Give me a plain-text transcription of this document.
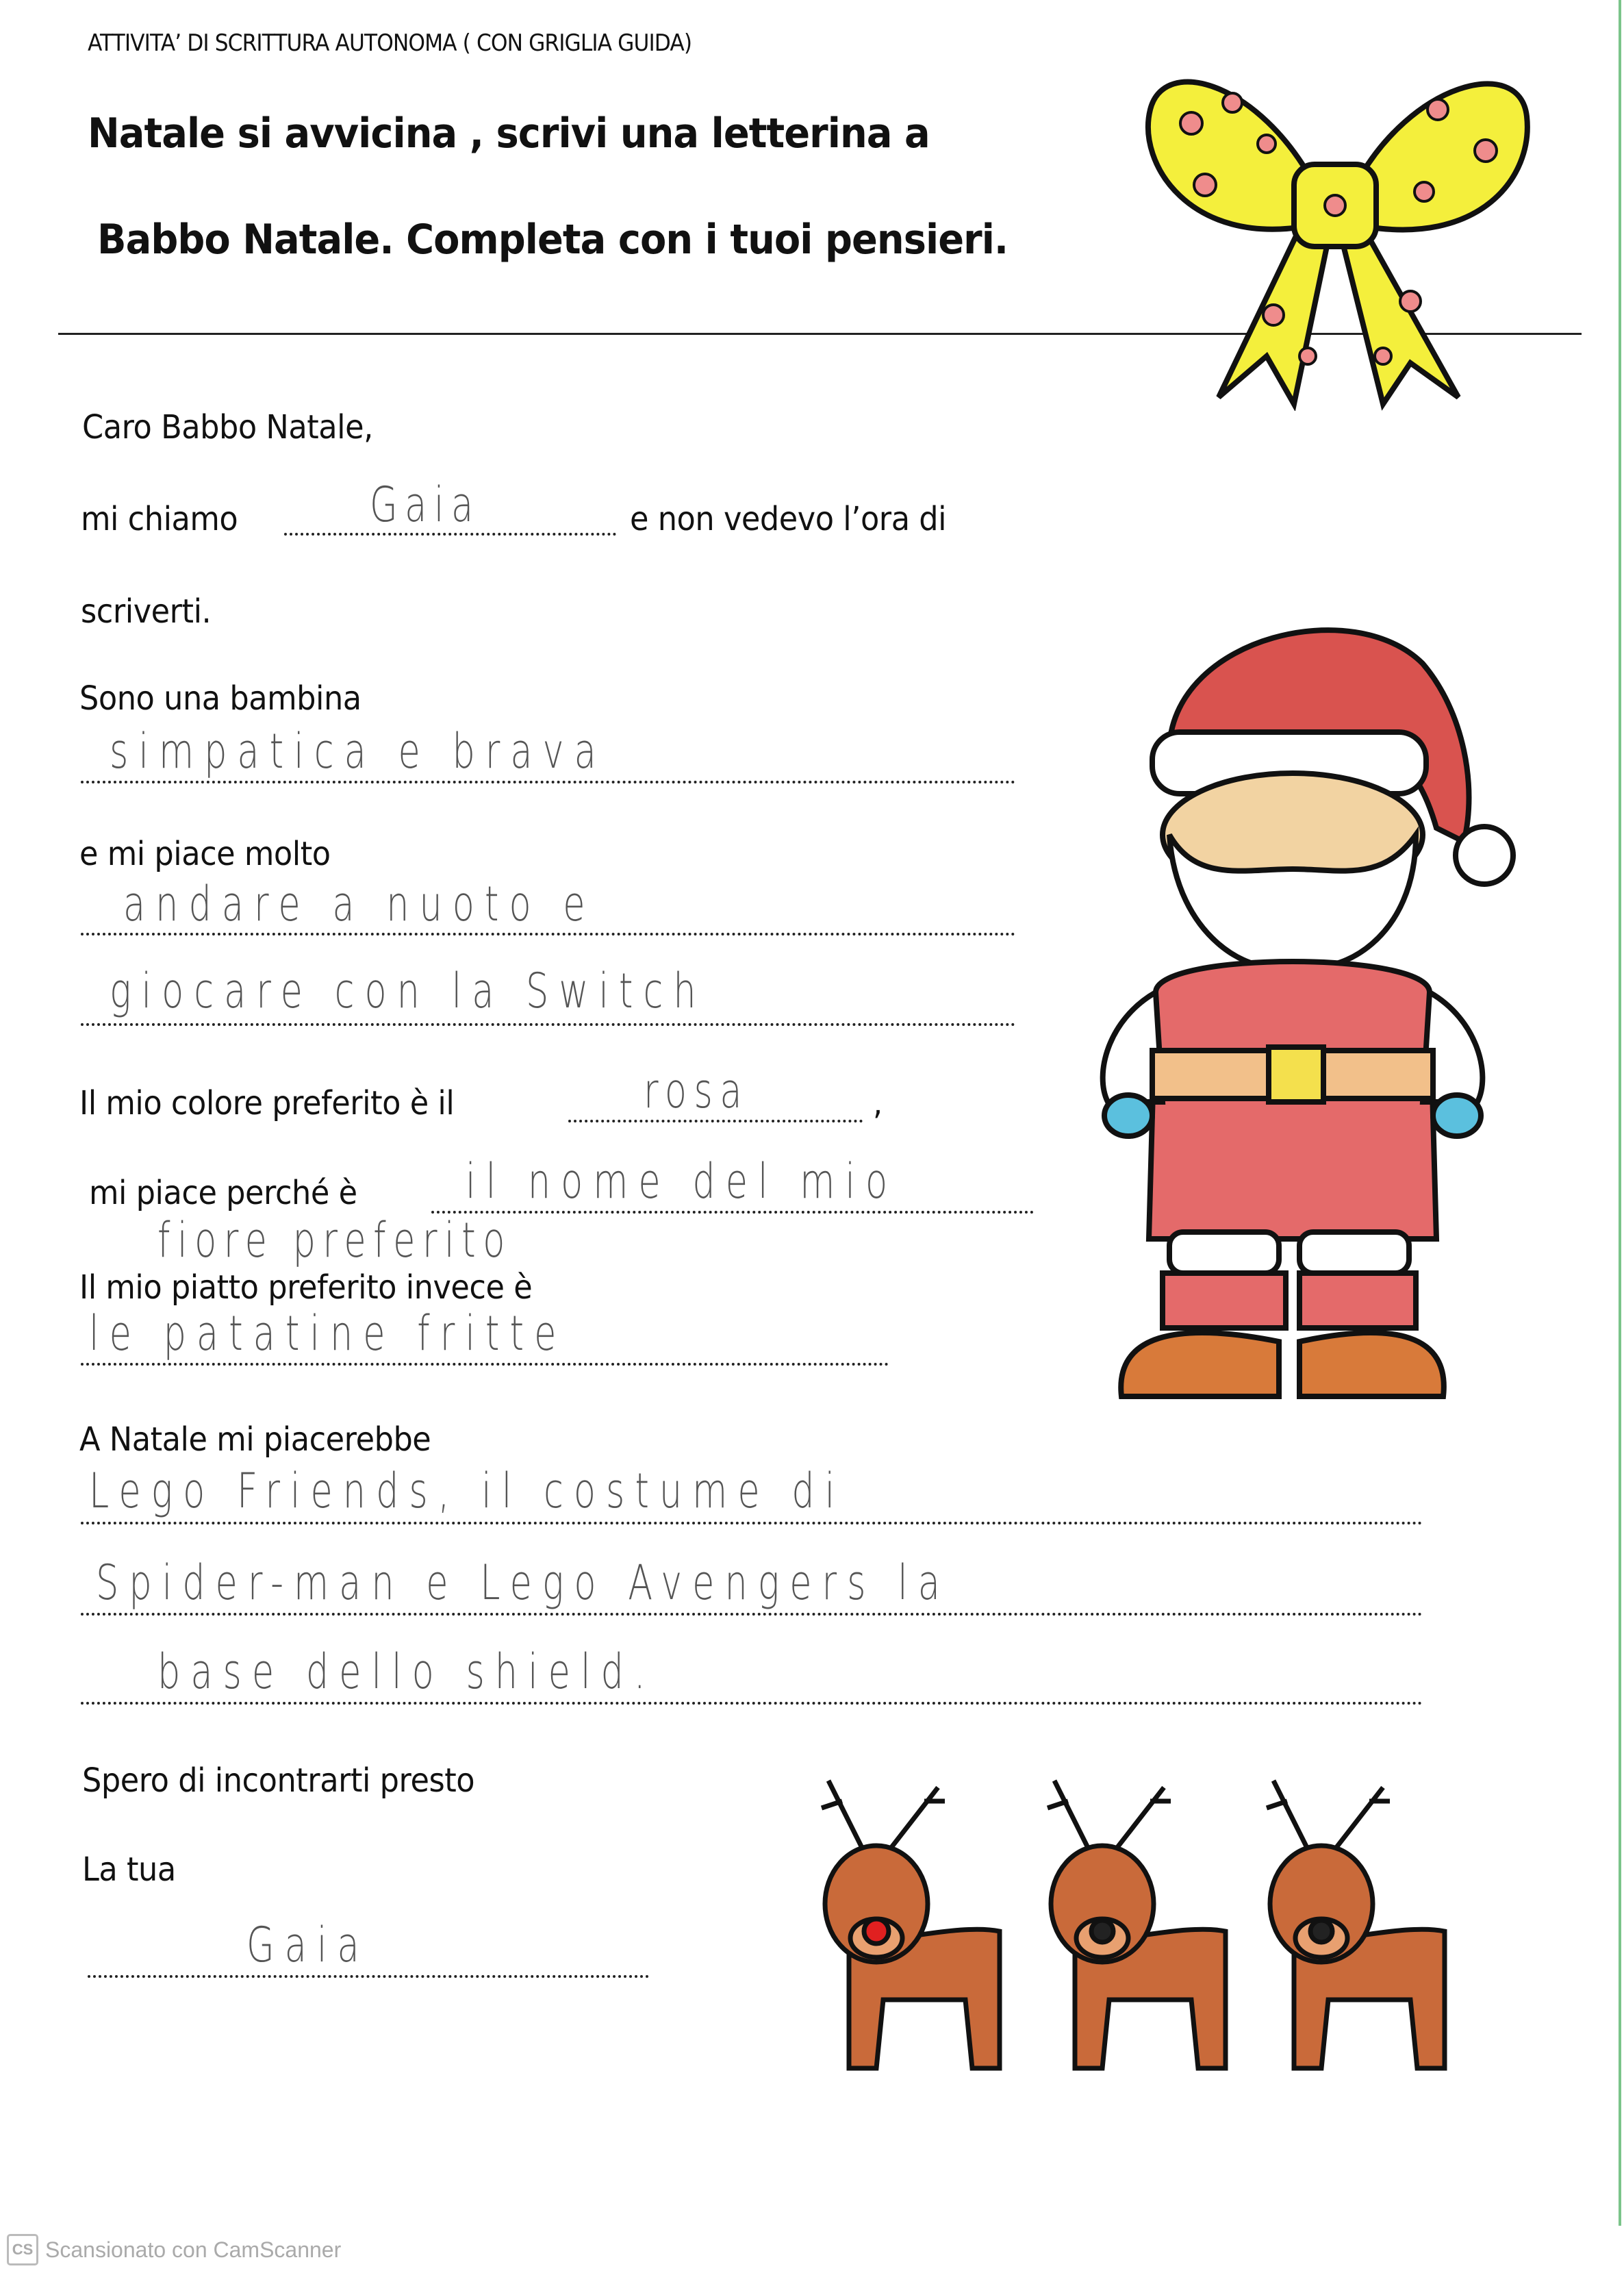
ATTIVITA’ DI SCRITTURA AUTONOMA ( CON GRIGLIA GUIDA)
Natale si avvicina , scrivi una letterina a
Babbo Natale. Completa con i tuoi pensieri.
Caro Babbo Natale,
mi chiamo	Gaia	e non vedevo l’ora di
scriverti.
Sono una bambina
simpatica e brava
e mi piace molto
andare a nuoto e
giocare con la Switch
Il mio colore preferito è il	rosa	,
mi piace perché è il nome del mio
fiore preferito
Il mio piatto preferito invece è
le patatine fritte
A Natale mi piacerebbe
Lego Friends, il costume di
Spider-man e Lego Avengers la
base dello shield.
Spero di incontrarti presto
La tua
Gaia
CS Scansionato con CamScanner
